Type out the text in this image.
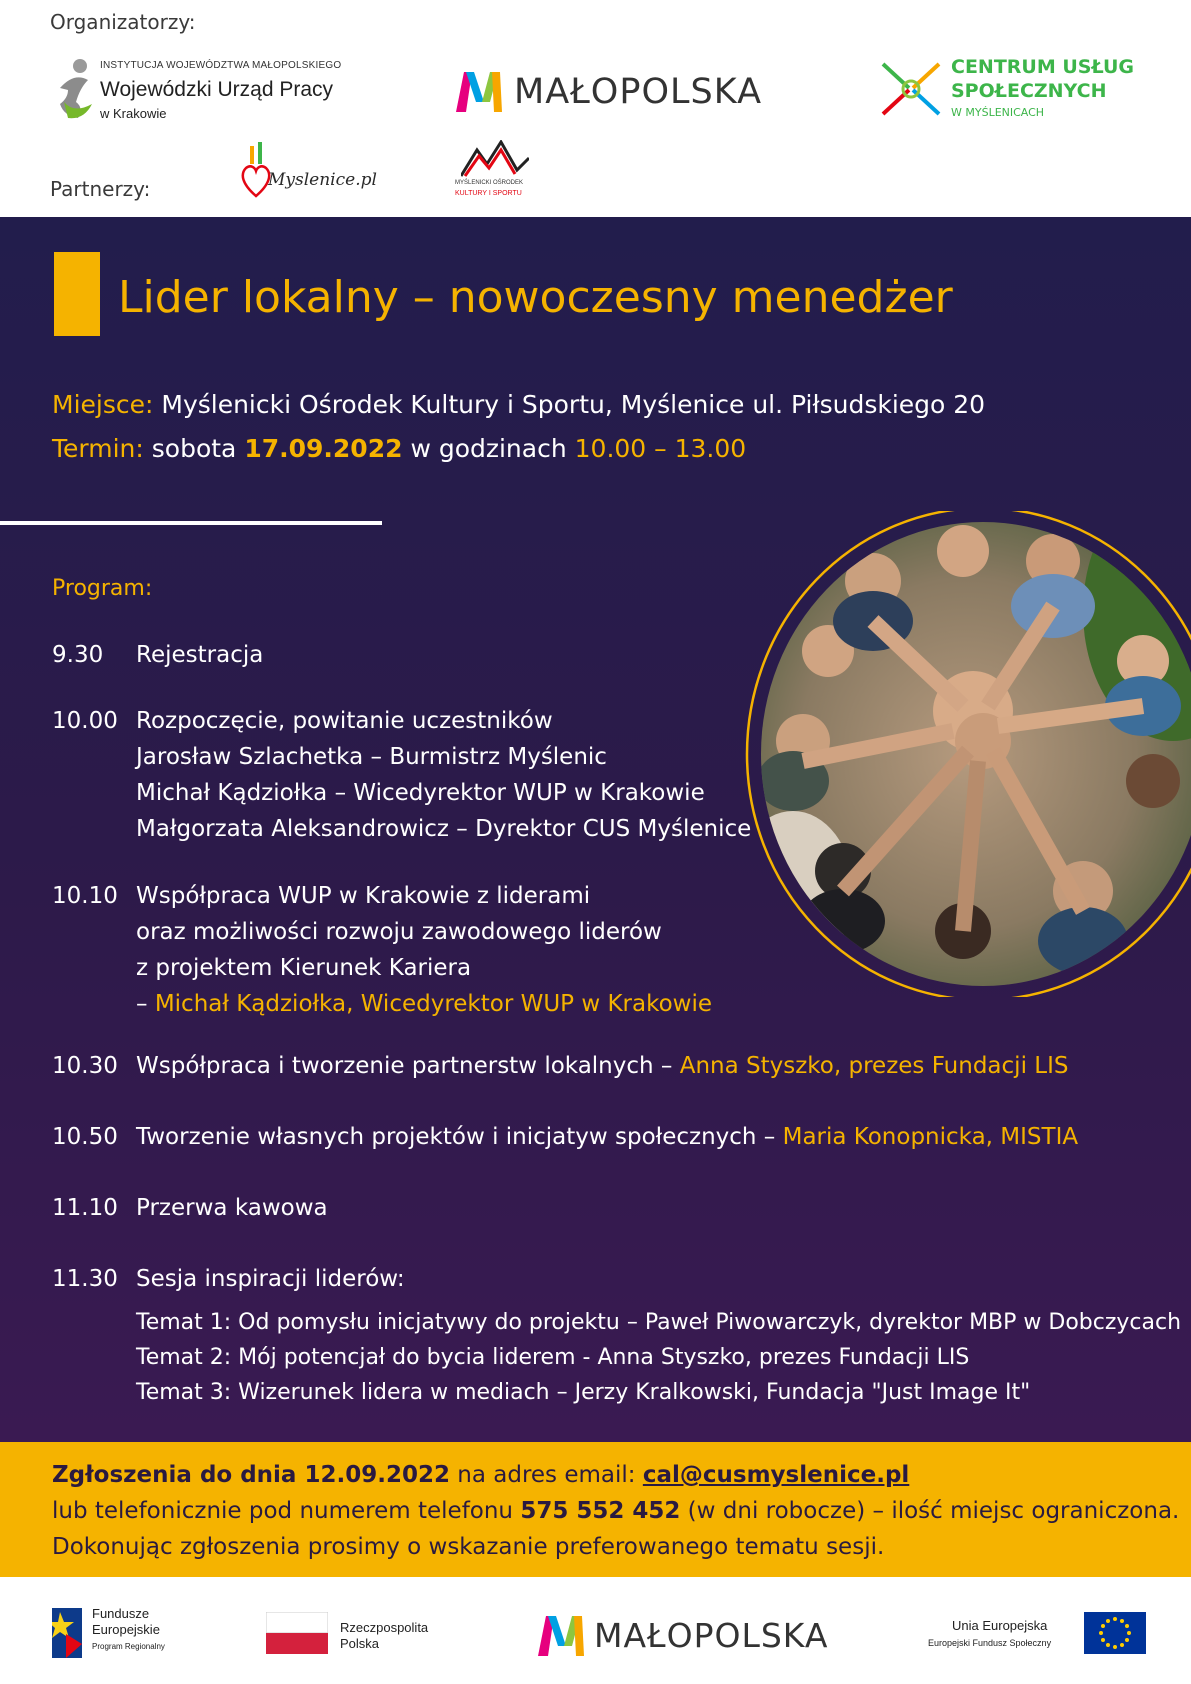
Organizatorzy:
Partnerzy:
INSTYTUCJA WOJEWÓDZTWA MAŁOPOLSKIEGO
Wojewódzki Urząd Pracy
w Krakowie
MAŁOPOLSKA
CENTRUM USŁUG
SPOŁECZNYCH
W MYŚLENICACH
Myslenice.pl	MYŚLENICKI OŚRODEK
KULTURY I SPORTU
Lider lokalny – nowoczesny menedżer
Miejsce: Myślenicki Ośrodek Kultury i Sportu, Myślenice ul. Piłsudskiego 20
Termin: sobota 17.09.2022 w godzinach 10.00 – 13.00
Program:
9.30 Rejestracja
10.00 Rozpoczęcie, powitanie uczestników
Jarosław Szlachetka – Burmistrz Myślenic
Michał Kądziołka – Wicedyrektor WUP w Krakowie
Małgorzata Aleksandrowicz – Dyrektor CUS Myślenice
10.10 Współpraca WUP w Krakowie z liderami
oraz możliwości rozwoju zawodowego liderów
z projektem Kierunek Kariera
– Michał Kądziołka, Wicedyrektor WUP w Krakowie
10.30 Współpraca i tworzenie partnerstw lokalnych – Anna Styszko, prezes Fundacji LIS
10.50 Tworzenie własnych projektów i inicjatyw społecznych – Maria Konopnicka, MISTIA
11.10 Przerwa kawowa
11.30 Sesja inspiracji liderów:
Temat 1: Od pomysłu inicjatywy do projektu – Paweł Piwowarczyk, dyrektor MBP w Dobczycach
Temat 2: Mój potencjał do bycia liderem - Anna Styszko, prezes Fundacji LIS
Temat 3: Wizerunek lidera w mediach – Jerzy Kralkowski, Fundacja "Just Image It"
Zgłoszenia do dnia 12.09.2022 na adres email: cal@cusmyslenice.pl
lub telefonicznie pod numerem telefonu 575 552 452 (w dni robocze) – ilość miejsc ograniczona.
Dokonując zgłoszenia prosimy o wskazanie preferowanego tematu sesji.
Fundusze
Europejskie
Program Regionalny
Rzeczpospolita
Polska	MAŁOPOLSKA	Unia Europejska
Europejski Fundusz Społeczny
